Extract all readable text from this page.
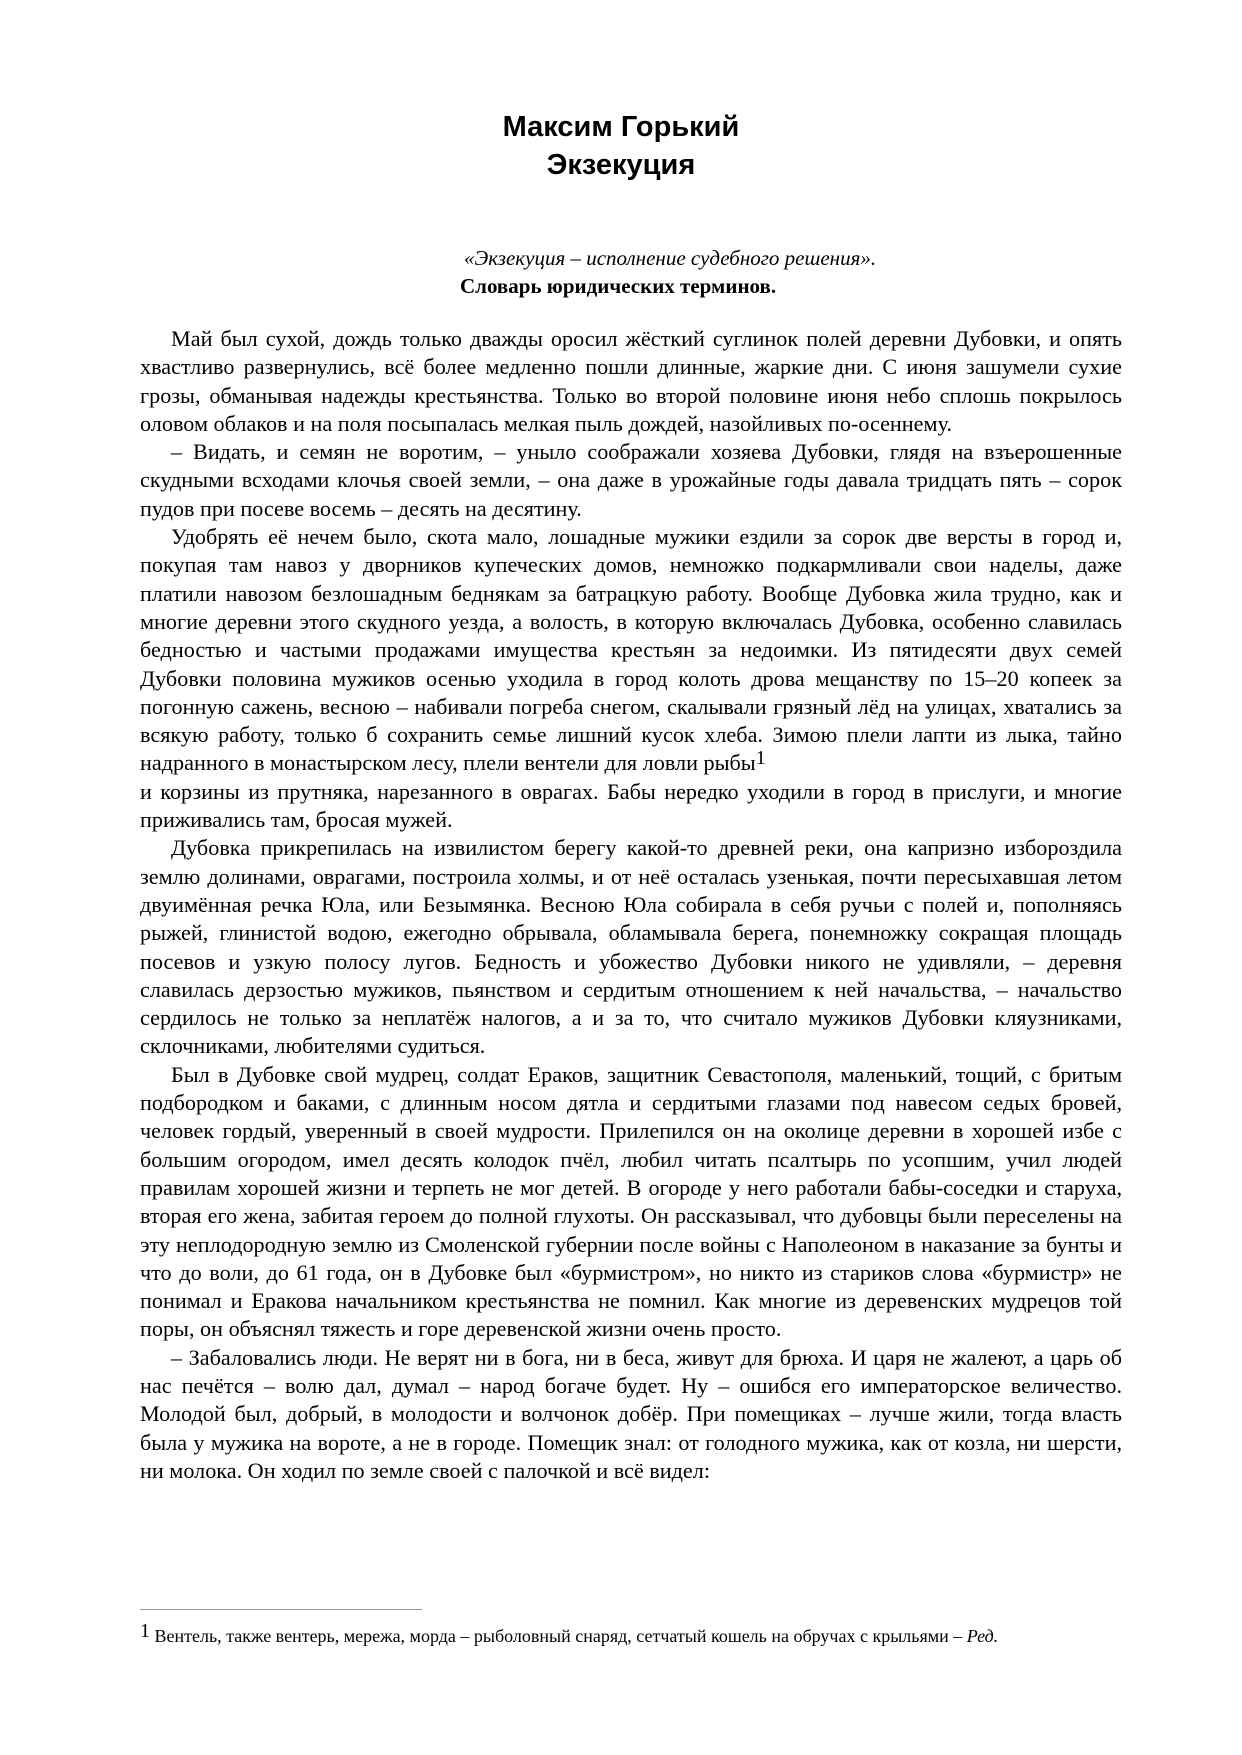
Максим Горький
Экзекуция
«Экзекуция – исполнение судебного решения».
Словарь юридических терминов.

Май был сухой, дождь только дважды оросил жёсткий суглинок полей деревни Дубовки, и опять хвастливо развернулись, всё более медленно пошли длинные, жаркие дни. С июня зашумели сухие грозы, обманывая надежды крестьянства. Только во второй половине июня небо сплошь покрылось оловом облаков и на поля посыпалась мелкая пыль дождей, назойливых по-осеннему.

– Видать, и семян не воротим, – уныло соображали хозяева Дубовки, глядя на взъерошенные скудными всходами клочья своей земли, – она даже в урожайные годы давала тридцать пять – сорок пудов при посеве восемь – десять на десятину.

Удобрять её нечем было, скота мало, лошадные мужики ездили за сорок две версты в город и, покупая там навоз у дворников купеческих домов, немножко подкармливали свои наделы, даже платили навозом безлошадным беднякам за батрацкую работу. Вообще Дубовка жила трудно, как и многие деревни этого скудного уезда, а волость, в которую включалась Дубовка, особенно славилась бедностью и частыми продажами имущества крестьян за недоимки. Из пятидесяти двух семей Дубовки половина мужиков осенью уходила в город колоть дрова мещанству по 15–20 копеек за погонную сажень, весною – набивали погреба снегом, скалывали грязный лёд на улицах, хватались за всякую работу, только б сохранить семье лишний кусок хлеба. Зимою плели лапти из лыка, тайно надранного в монастырском лесу, плели вентели для ловли рыбы1

и корзины из прутняка, нарезанного в оврагах. Бабы нередко уходили в город в прислуги, и многие приживались там, бросая мужей.

Дубовка прикрепилась на извилистом берегу какой-то древней реки, она капризно избороздила землю долинами, оврагами, построила холмы, и от неё осталась узенькая, почти пересыхавшая летом двуимённая речка Юла, или Безымянка. Весною Юла собирала в себя ручьи с полей и, пополняясь рыжей, глинистой водою, ежегодно обрывала, обламывала берега, понемножку сокращая площадь посевов и узкую полосу лугов. Бедность и убожество Дубовки никого не удивляли, – деревня славилась дерзостью мужиков, пьянством и сердитым отношением к ней начальства, – начальство сердилось не только за неплатёж налогов, а и за то, что считало мужиков Дубовки кляузниками, склочниками, любителями судиться.

Был в Дубовке свой мудрец, солдат Ераков, защитник Севастополя, маленький, тощий, с бритым подбородком и баками, с длинным носом дятла и сердитыми глазами под навесом седых бровей, человек гордый, уверенный в своей мудрости. Прилепился он на околице деревни в хорошей избе с большим огородом, имел десять колодок пчёл, любил читать псалтырь по усопшим, учил людей правилам хорошей жизни и терпеть не мог детей. В огороде у него работали бабы-соседки и старуха, вторая его жена, забитая героем до полной глухоты. Он рассказывал, что дубовцы были переселены на эту неплодородную землю из Смоленской губернии после войны с Наполеоном в наказание за бунты и что до воли, до 61 года, он в Дубовке был «бурмистром», но никто из стариков слова «бурмистр» не понимал и Еракова начальником крестьянства не помнил. Как многие из деревенских мудрецов той поры, он объяснял тяжесть и горе деревенской жизни очень просто.

– Забаловались люди. Не верят ни в бога, ни в беса, живут для брюха. И царя не жалеют, а царь об нас печётся – волю дал, думал – народ богаче будет. Ну – ошибся его императорское величество. Молодой был, добрый, в молодости и волчонок добёр. При помещиках – лучше жили, тогда власть была у мужика на вороте, а не в городе. Помещик знал: от голодного мужика, как от козла, ни шерсти, ни молока. Он ходил по земле своей с палочкой и всё видел:

1 Вентель, также вентерь, мережа, морда – рыболовный снаряд, сетчатый кошель на обручах с крыльями – Ред.
